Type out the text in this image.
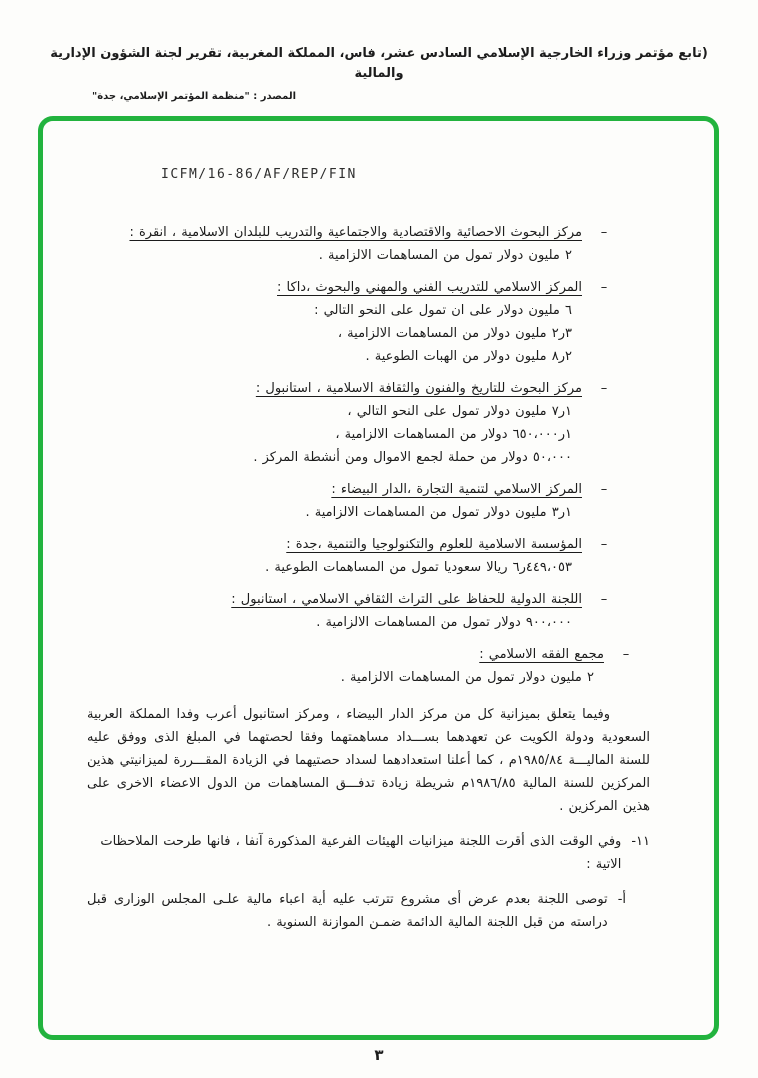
(تابع مؤتمر وزراء الخارجية الإسلامي السادس عشر، فاس، المملكة المغربية، تقرير لجنة الشؤون الإدارية والمالية
المصدر : "منظمة المؤتمر الإسلامي، جدة"
ICFM/16-86/AF/REP/FIN
–
مركز البحوث الاحصائية والاقتصادية والاجتماعية والتدريب للبلدان الاسلامية ، انقرة :
٢ مليون دولار تمول من المساهمات الالزامية .
–
المركز الاسلامي للتدريب الفني والمهني والبحوث ،داكا :
٦ مليون دولار على ان تمول على النحو التالي :
٣ر٢ مليون دولار من المساهمات الالزامية ،
٢ر٨ مليون دولار من الهبات الطوعية .
–
مركز البحوث للتاريخ والفنون والثقافة الاسلامية ، استانبول :
١ر٧ مليون دولار تمول على النحو التالي ،
١ر٦٥٠،٠٠٠ دولار من المساهمات الالزامية ،
٥٠،٠٠٠ دولار من حملة لجمع الاموال ومن أنشطة المركز .
–
المركز الاسلامي لتنمية التجارة ،الدار البيضاء :
١ر٣ مليون دولار تمول من المساهمات الالزامية .
–
المؤسسة الاسلامية للعلوم والتكنولوجيا والتنمية ،جدة :
٤٤٩،٠٥٣ر٦ ريالا سعوديا تمول من المساهمات الطوعية .
–
اللجنة الدولية للحفاظ على التراث الثقافي الاسلامي ، استانبول :
٩٠٠،٠٠٠ دولار تمول من المساهمات الالزامية .
–
مجمع الفقه الاسلامي :
٢ مليون دولار تمول من المساهمات الالزامية .
وفيما يتعلق بميزانية كل من مركز الدار البيضاء ، ومركز استانبول أعرب وفدا المملكة العربية السعودية ودولة الكويت عن تعهدهما بســـداد مساهمتهما وفقا لحصتهما في المبلغ الذى ووفق عليه للسنة الماليـــة ١٩٨٥/٨٤م ، كما أعلنا استعدادهما لسداد حصتيهما في الزيادة المقـــررة لميزانيتي هذين المركزين للسنة المالية ١٩٨٦/٨٥م شريطة زيادة تدفـــق المساهمات من الدول الاعضاء الاخرى على هذين المركزين .
١١-
وفي الوقت الذى أقرت اللجنة ميزانيات الهيئات الفرعية المذكورة آنفا ، فانها طرحت الملاحظات الاتية :
أ-
توصى اللجنة بعدم عرض أى مشروع تترتب عليه أية اعباء مالية علـى المجلس الوزارى قبل دراسته من قبل اللجنة المالية الدائمة ضمـن الموازنة السنوية .
٣
